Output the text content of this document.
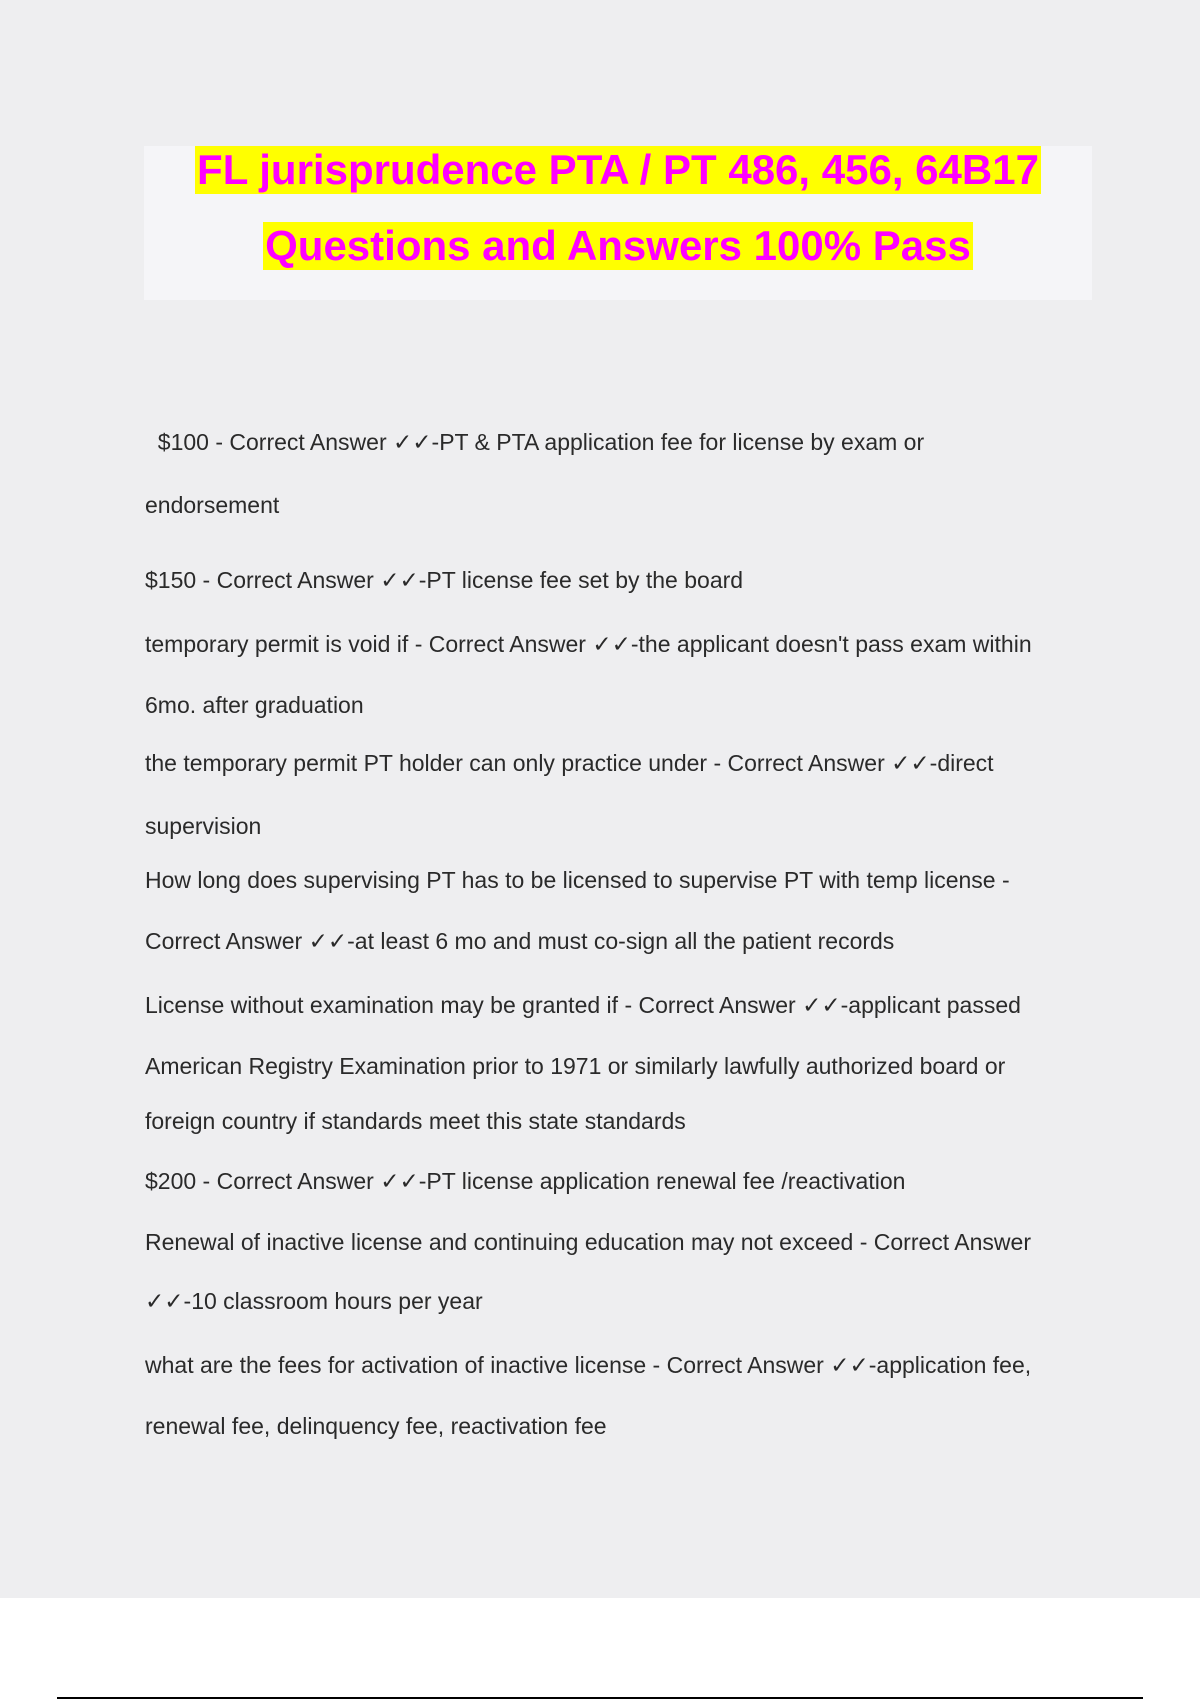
FL jurisprudence PTA / PT 486, 456, 64B17
Questions and Answers 100% Pass
$100 - Correct Answer ✓✓-PT & PTA application fee for license by exam or
endorsement
$150 - Correct Answer ✓✓-PT license fee set by the board
temporary permit is void if - Correct Answer ✓✓-the applicant doesn't pass exam within
6mo. after graduation
the temporary permit PT holder can only practice under - Correct Answer ✓✓-direct
supervision
How long does supervising PT has to be licensed to supervise PT with temp license -
Correct Answer ✓✓-at least 6 mo and must co-sign all the patient records
License without examination may be granted if - Correct Answer ✓✓-applicant passed
American Registry Examination prior to 1971 or similarly lawfully authorized board or
foreign country if standards meet this state standards
$200 - Correct Answer ✓✓-PT license application renewal fee /reactivation
Renewal of inactive license and continuing education may not exceed - Correct Answer
✓✓-10 classroom hours per year
what are the fees for activation of inactive license - Correct Answer ✓✓-application fee,
renewal fee, delinquency fee, reactivation fee
